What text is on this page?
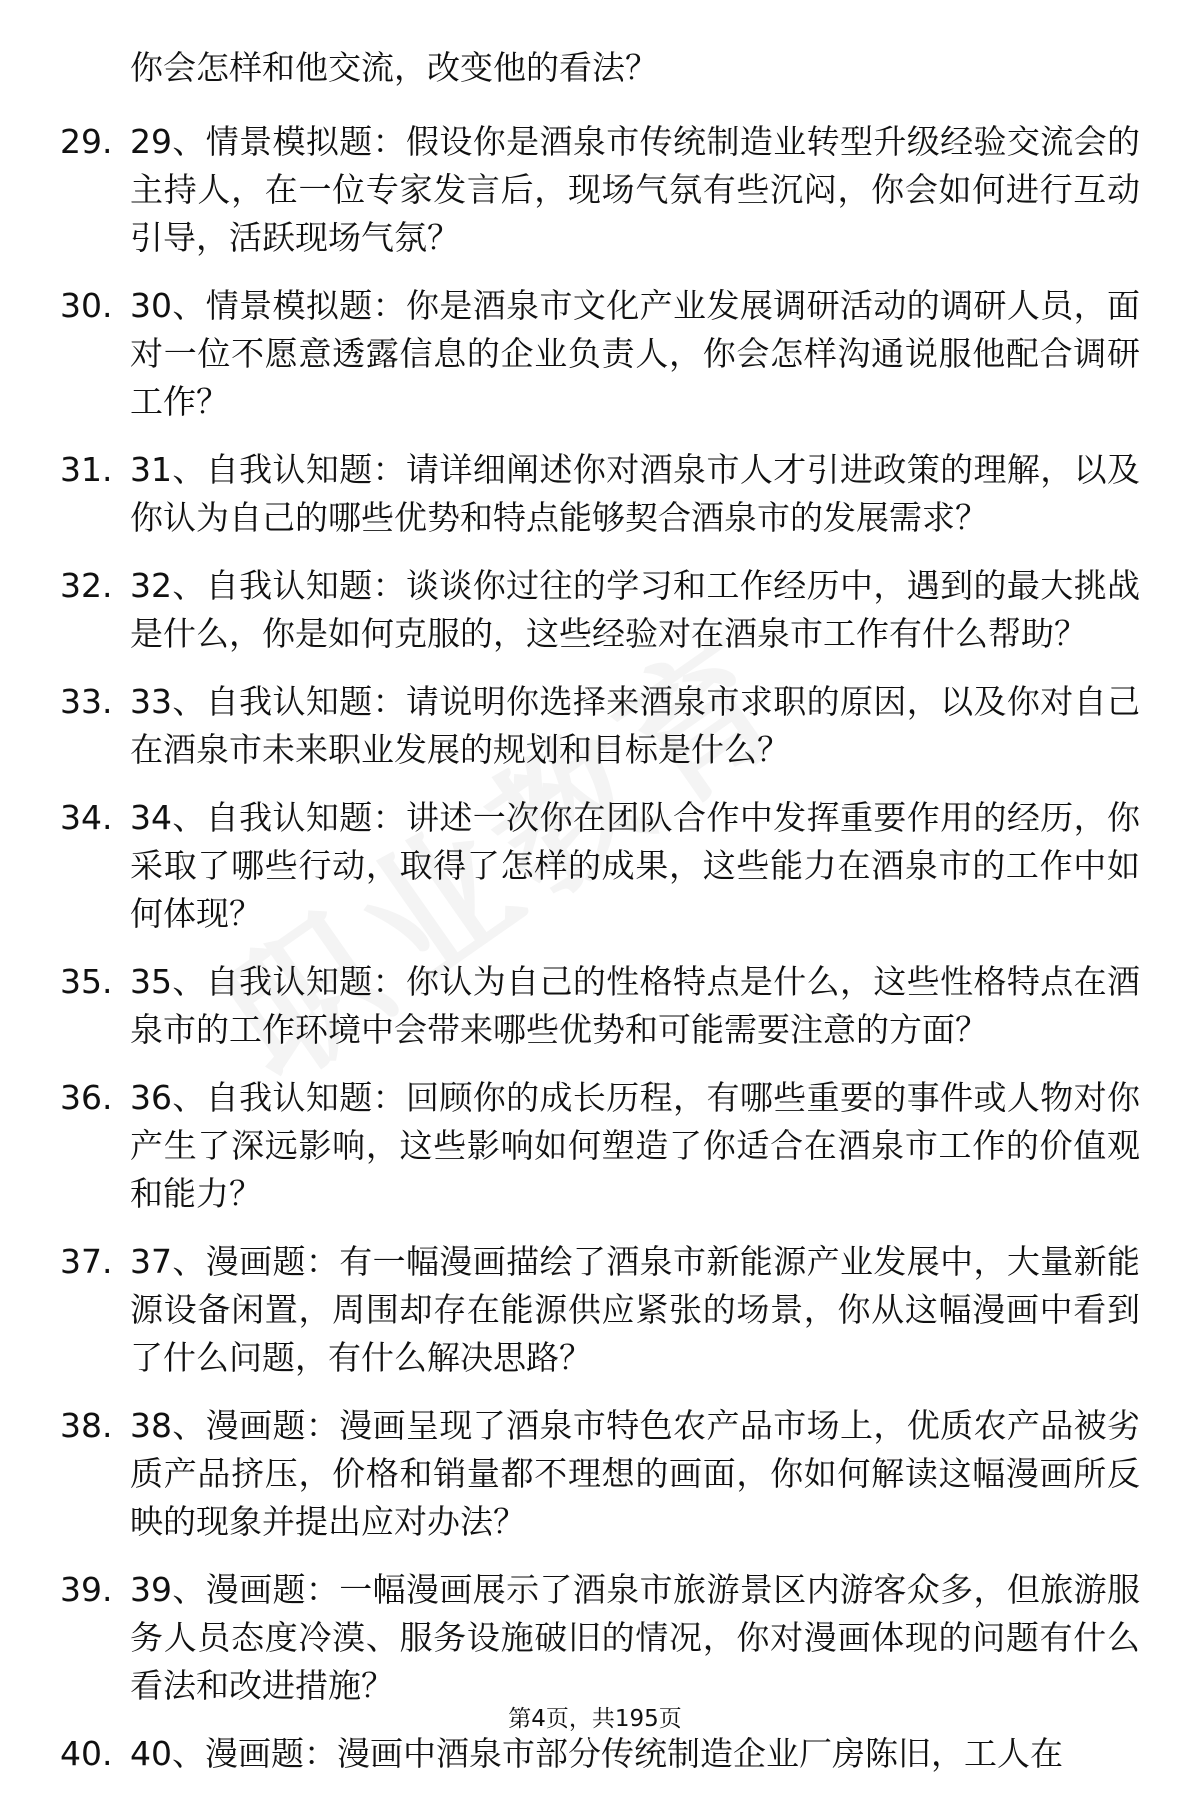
你会怎样和他交流，改变他的看法？
29. 29、情景模拟题：假设你是酒泉市传统制造业转型升级经验交流会的主持人，在一位专家发言后，现场气氛有些沉闷，你会如何进行互动引导，活跃现场气氛？
30. 30、情景模拟题：你是酒泉市文化产业发展调研活动的调研人员，面对一位不愿意透露信息的企业负责人，你会怎样沟通说服他配合调研工作？
31. 31、自我认知题：请详细阐述你对酒泉市人才引进政策的理解，以及你认为自己的哪些优势和特点能够契合酒泉市的发展需求？
32. 32、自我认知题：谈谈你过往的学习和工作经历中，遇到的最大挑战是什么，你是如何克服的，这些经验对在酒泉市工作有什么帮助？
33. 33、自我认知题：请说明你选择来酒泉市求职的原因，以及你对自己在酒泉市未来职业发展的规划和目标是什么？
34. 34、自我认知题：讲述一次你在团队合作中发挥重要作用的经历，你采取了哪些行动，取得了怎样的成果，这些能力在酒泉市的工作中如何体现？
35. 35、自我认知题：你认为自己的性格特点是什么，这些性格特点在酒泉市的工作环境中会带来哪些优势和可能需要注意的方面？
36. 36、自我认知题：回顾你的成长历程，有哪些重要的事件或人物对你产生了深远影响，这些影响如何塑造了你适合在酒泉市工作的价值观和能力？
37. 37、漫画题：有一幅漫画描绘了酒泉市新能源产业发展中，大量新能源设备闲置，周围却存在能源供应紧张的场景，你从这幅漫画中看到了什么问题，有什么解决思路？
38. 38、漫画题：漫画呈现了酒泉市特色农产品市场上，优质农产品被劣质产品挤压，价格和销量都不理想的画面，你如何解读这幅漫画所反映的现象并提出应对办法？
39. 39、漫画题：一幅漫画展示了酒泉市旅游景区内游客众多，但旅游服务人员态度冷漠、服务设施破旧的情况，你对漫画体现的问题有什么看法和改进措施？
40. 40、漫画题：漫画中酒泉市部分传统制造企业厂房陈旧，工人在
第4页，共195页
